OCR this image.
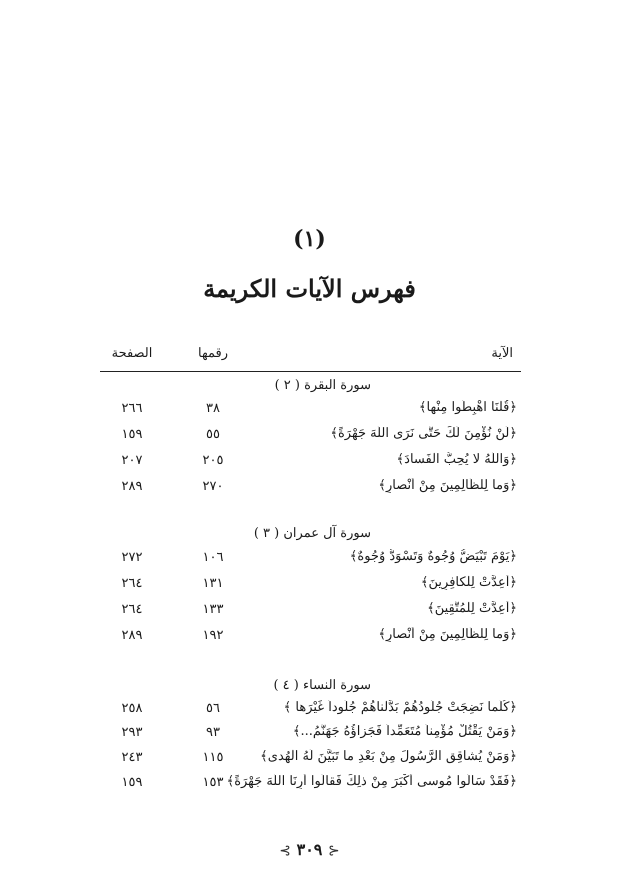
(١)
فهرس الآيات الكريمة
الآية
رقمها
الصفحة
سورة البقرة ( ٢ )
﴿قُلْنَا اهْبِطُوا مِنْها﴾
٣٨
٢٦٦
﴿لَنْ نُؤْمِنَ لَكَ حَتَّى نَرَى اللَّهَ جَهْرَةً﴾
٥٥
١٥٩
﴿وَاللَّهُ لا يُحِبُّ الْفَسادَ﴾
٢٠٥
٢٠٧
﴿وَما لِلظَّالِمِينَ مِنْ أَنْصارٍ﴾
٢٧٠
٢٨٩
سورة آل عمران ( ٣ )
﴿يَوْمَ تَبْيَضُّ وُجُوهٌ وَتَسْوَدُّ وُجُوهٌ﴾
١٠٦
٢٧٢
﴿أُعِدَّتْ لِلْكافِرِينَ﴾
١٣١
٢٦٤
﴿أُعِدَّتْ لِلْمُتَّقِينَ﴾
١٣٣
٢٦٤
﴿وَما لِلظَّالِمِينَ مِنْ أَنْصارٍ﴾
١٩٢
٢٨٩
سورة النساء ( ٤ )
﴿كُلَّما نَضِجَتْ جُلُودُهُمْ بَدَّلْناهُمْ جُلُوداً غَيْرَها ﴾
٥٦
٢٥٨
﴿وَمَنْ يَقْتُلْ مُؤْمِناً مُتَعَمِّداً فَجَزاؤُهُ جَهَنَّمُ...﴾
٩٣
٢٩٣
﴿وَمَنْ يُشاقِقِ الرَّسُولَ مِنْ بَعْدِ ما تَبَيَّنَ لَهُ الْهُدى﴾
١١٥
٢٤٣
﴿فَقَدْ سَأَلُوا مُوسى أَكْبَرَ مِنْ ذلِكَ فَقالُوا أَرِنَا اللَّهَ جَهْرَةً﴾
١٥٣
١٥٩
⊰ ٣٠٩ ⊱
